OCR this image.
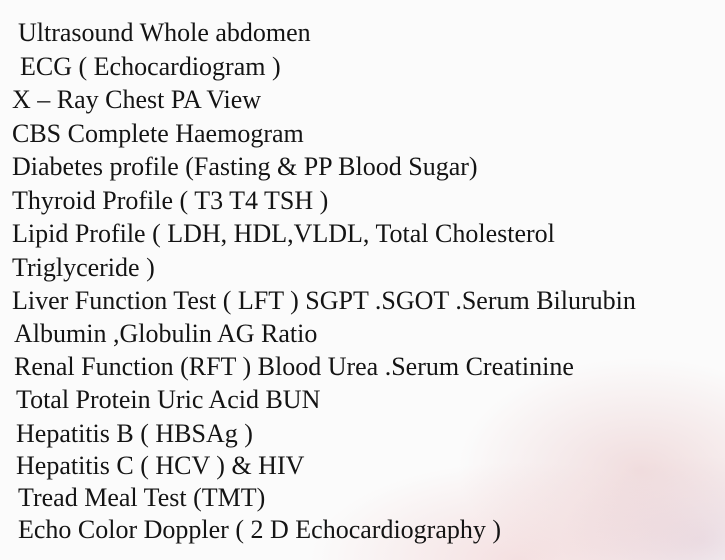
Ultrasound Whole abdomen
ECG ( Echocardiogram )
X – Ray Chest PA View
CBS Complete Haemogram
Diabetes profile (Fasting & PP Blood Sugar)
Thyroid Profile ( T3 T4 TSH )
Lipid Profile ( LDH, HDL,VLDL, Total Cholesterol
Triglyceride )
Liver Function Test ( LFT ) SGPT .SGOT .Serum Bilurubin
Albumin ,Globulin AG Ratio
Renal Function (RFT ) Blood Urea .Serum Creatinine
Total Protein Uric Acid BUN
Hepatitis B ( HBSAg )
Hepatitis C ( HCV ) & HIV
Tread Meal Test (TMT)
Echo Color Doppler ( 2 D Echocardiography )
